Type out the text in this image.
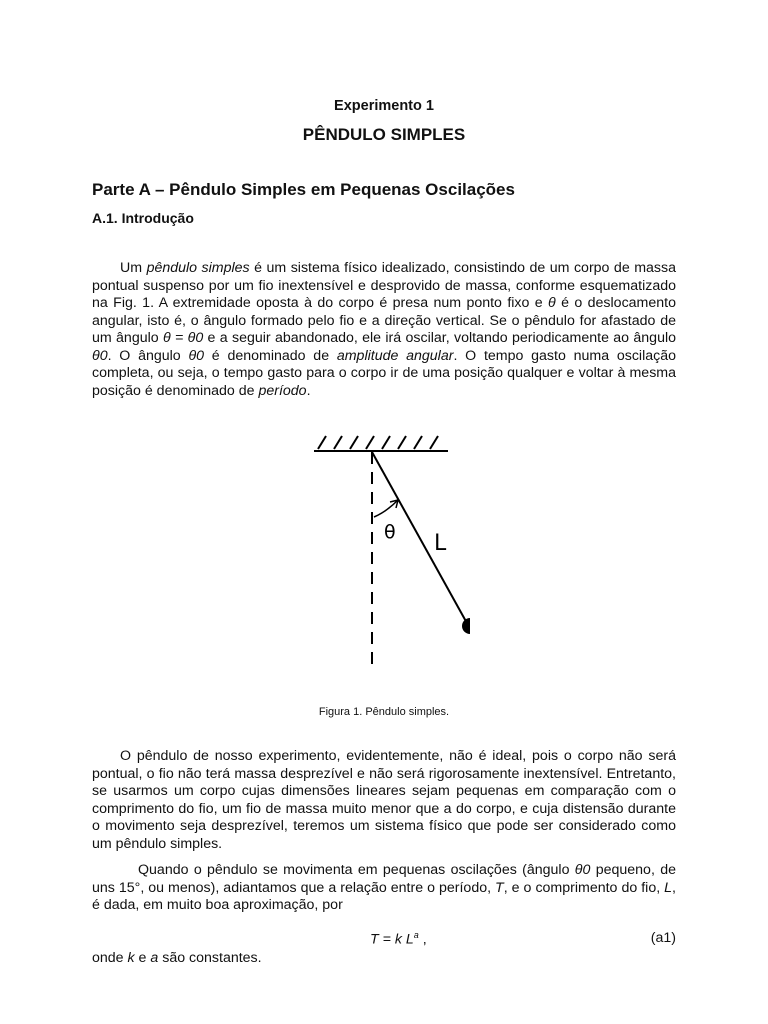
Experimento 1
PÊNDULO SIMPLES
Parte A – Pêndulo Simples em Pequenas Oscilações
A.1. Introdução

Um pêndulo simples é um sistema físico idealizado, consistindo de um corpo de massa pontual suspenso por um fio inextensível e desprovido de massa, conforme esquematizado na Fig. 1. A extremidade oposta à do corpo é presa num ponto fixo e θ é o deslocamento angular, isto é, o ângulo formado pelo fio e a direção vertical. Se o pêndulo for afastado de um ângulo θ = θ0 e a seguir abandonado, ele irá oscilar, voltando periodicamente ao ângulo θ0. O ângulo θ0 é denominado de amplitude angular. O tempo gasto numa oscilação completa, ou seja, o tempo gasto para o corpo ir de uma posição qualquer e voltar à mesma posição é denominado de período.

θ L
Figura 1. Pêndulo simples.

O pêndulo de nosso experimento, evidentemente, não é ideal, pois o corpo não será pontual, o fio não terá massa desprezível e não será rigorosamente inextensível. Entretanto, se usarmos um corpo cujas dimensões lineares sejam pequenas em comparação com o comprimento do fio, um fio de massa muito menor que a do corpo, e cuja distensão durante o movimento seja desprezível, teremos um sistema físico que pode ser considerado como um pêndulo simples.

Quando o pêndulo se movimenta em pequenas oscilações (ângulo θ0 pequeno, de uns 15°, ou menos), adiantamos que a relação entre o período, T, e o comprimento do fio, L, é dada, em muito boa aproximação, por

T = k $L^a$ ,	(a1)
onde k e a são constantes.
